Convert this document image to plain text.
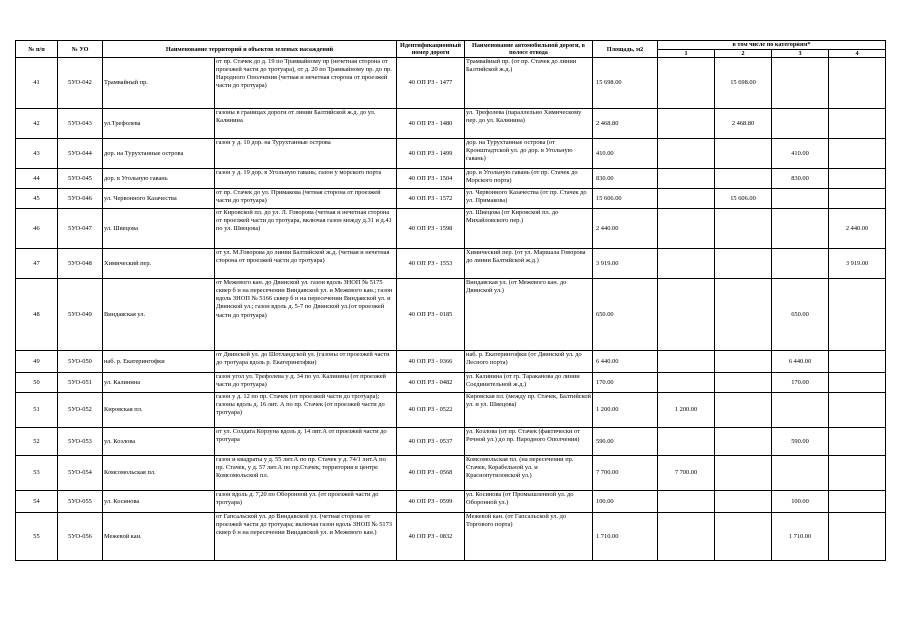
№ п/п	№ УО	Наименование территорий и объектов зеленых насаждений		Идентификационный номер дороги	Наименование автомобильной дороги, в полосе отвода	Площадь, м2	в том числе по категориям*			
							1	2	3	4
41	5УО-042	Трамвайный пр.	от пр. Стачек до д. 19 по Трамвайному пр (нечетная сторона от проезжей части до тротуара), от д. 20 по Трамвайному пр. до пр. Народного Ополчения (четная и нечетная сторона от проезжей части до тротуара)	40 ОП РЗ - 1477	Трамвайный пр. (от пр. Стачек до линии Балтийской ж.д.)	15 698.00		15 698.00		
42	5УО-043	ул.Трефолева	газоны в границах дороги от линии Балтийской ж.д. до ул. Калинина	40 ОП РЗ - 1480	ул. Трефолева (параллельно Химическому пер. до ул. Калинина)	2 468.80		2 468.80		
43	5УО-044	дор. на Турухтанные острова	газон у д. 10 дор. на Турухтанные острова	40 ОП РЗ - 1499	дор. на Турухтанные острова (от Кронштадтской ул. до дор. в Угольную гавань)	410.00			410.00	
44	5УО-045	дор. в Угольную гавань	газон у д. 19 дор. в Угольную гавань; газон у морского порта	40 ОП РЗ - 1504	дор. в Угольную гавань (от пр. Стачек до Морского порта)	830.00			830.00	
45	5УО-046	ул. Червонного Казачества	от пр. Стачек до ул. Примакова (четная сторона от проезжей части до тротуара)	40 ОП РЗ - 1572	ул. Червонного Казачества (от пр. Стачек до ул. Примакова)	15 606.00		15 606.00		
46	5УО-047	ул. Швецова	от Кировской пл. до ул. Л. Говорова (четная и нечетная сторона от проезжей части до тротуара, включая газон между д.31 и д.41 по ул. Швецова)	40 ОП РЗ - 1598	ул. Швецова (от Кировской пл. до Михайловского пер.)	2 440.00				2 440.00
47	5УО-048	Химический пер.	от ул. М.Говорова до линии Балтийской ж.д. (четная и нечетная сторона от проезжей части до тротуара)	40 ОП РЗ - 1553	Химический пер. (от ул. Маршала Говорова до линии Балтийской ж.д.)	3 919.00				3 919.00
48	5УО-049	Виндавская ул.	от Межевого кан. до Двинской ул. газон вдоль ЗНОП № 5175 сквер б н на пересечении Виндавской ул. и Межевого кан.; газон вдоль ЗНОП № 5166 сквер б н на пересечении Виндавской ул. и Двинской ул.; газон вдоль д. 5-7 по Двинской ул.(от проезжей части до тротуара)	40 ОП РЗ - 0185	Виндавская ул. (от Межевого кан. до Двинской ул.)	650.00			650.00	
49	5УО-050	наб. р. Екатерингофки	от Двинской ул. до Шотландской ул. (газоны от проезжей части до тротуара вдоль р. Екатерингофки)	40 ОП РЗ - 0366	наб. р. Екатерингофки (от Двинской ул. до Лесного порта)	6 440.00			6 440.00	
50	5УО-051	ул. Калинина	газон угол ул. Трефолева у д. 34 по ул. Калинина (от проезжей части до тротуара)	40 ОП РЗ - 0482	ул. Калинина (от гр. Тараканова до линии Соединительной ж.д.)	170.00			170.00	
51	5УО-052	Кировская пл.	газон у д. 12 по пр. Стачек (от проезжей части до тротуара); газоны вдоль д. 16 лит. А по пр. Стачек (от проезжей части до тротуара)	40 ОП РЗ - 0522	Кировская пл. (между пр. Стачек, Балтийской ул. и ул. Швецова)	1 200.00	1 200.00			
52	5УО-053	ул. Козлова	от ул. Солдата Корзуна вдоль д. 14 лит.А от проезжей части до тротуара	40 ОП РЗ - 0537	ул. Козлова (от пр. Стачек (фактически от Речной ул.) до пр. Народного Ополчения)	590.00			590.00	
53	5УО-054	Комсомольская пл.	газон и квадраты у д. 55 лит.А по пр. Стачек у д. 74/1 лит.А по пр. Стачек, у д. 57 лит.А по пр.Стачек; территория в центре Комсомольской пл.	40 ОП РЗ - 0568	Комсомольская пл. (на пересечении пр. Стачек, Корабельной ул. и Краснопутиловской ул.)	7 700.00	7 700.00			
54	5УО-055	ул. Косинова	газон вдоль д. 7,20 по Оборонной ул. (от проезжей части до тротуара)	40 ОП РЗ - 0599	ул. Косинова (от Промышленной ул. до Оборонной ул.)	100.00			100.00	
55	5УО-056	Межевой кан.	от Гапсальской ул. до Виндавской ул. (четная сторона от проезжей части до тротуара; включая газон вдоль ЗНОП № 5173 сквер б н на пересечении Виндавской ул. и Межевого кан.)	40 ОП РЗ - 0832	Межевой кан. (от Гапсальской ул. до Торгового порта)	1 710.00			1 710.00	
